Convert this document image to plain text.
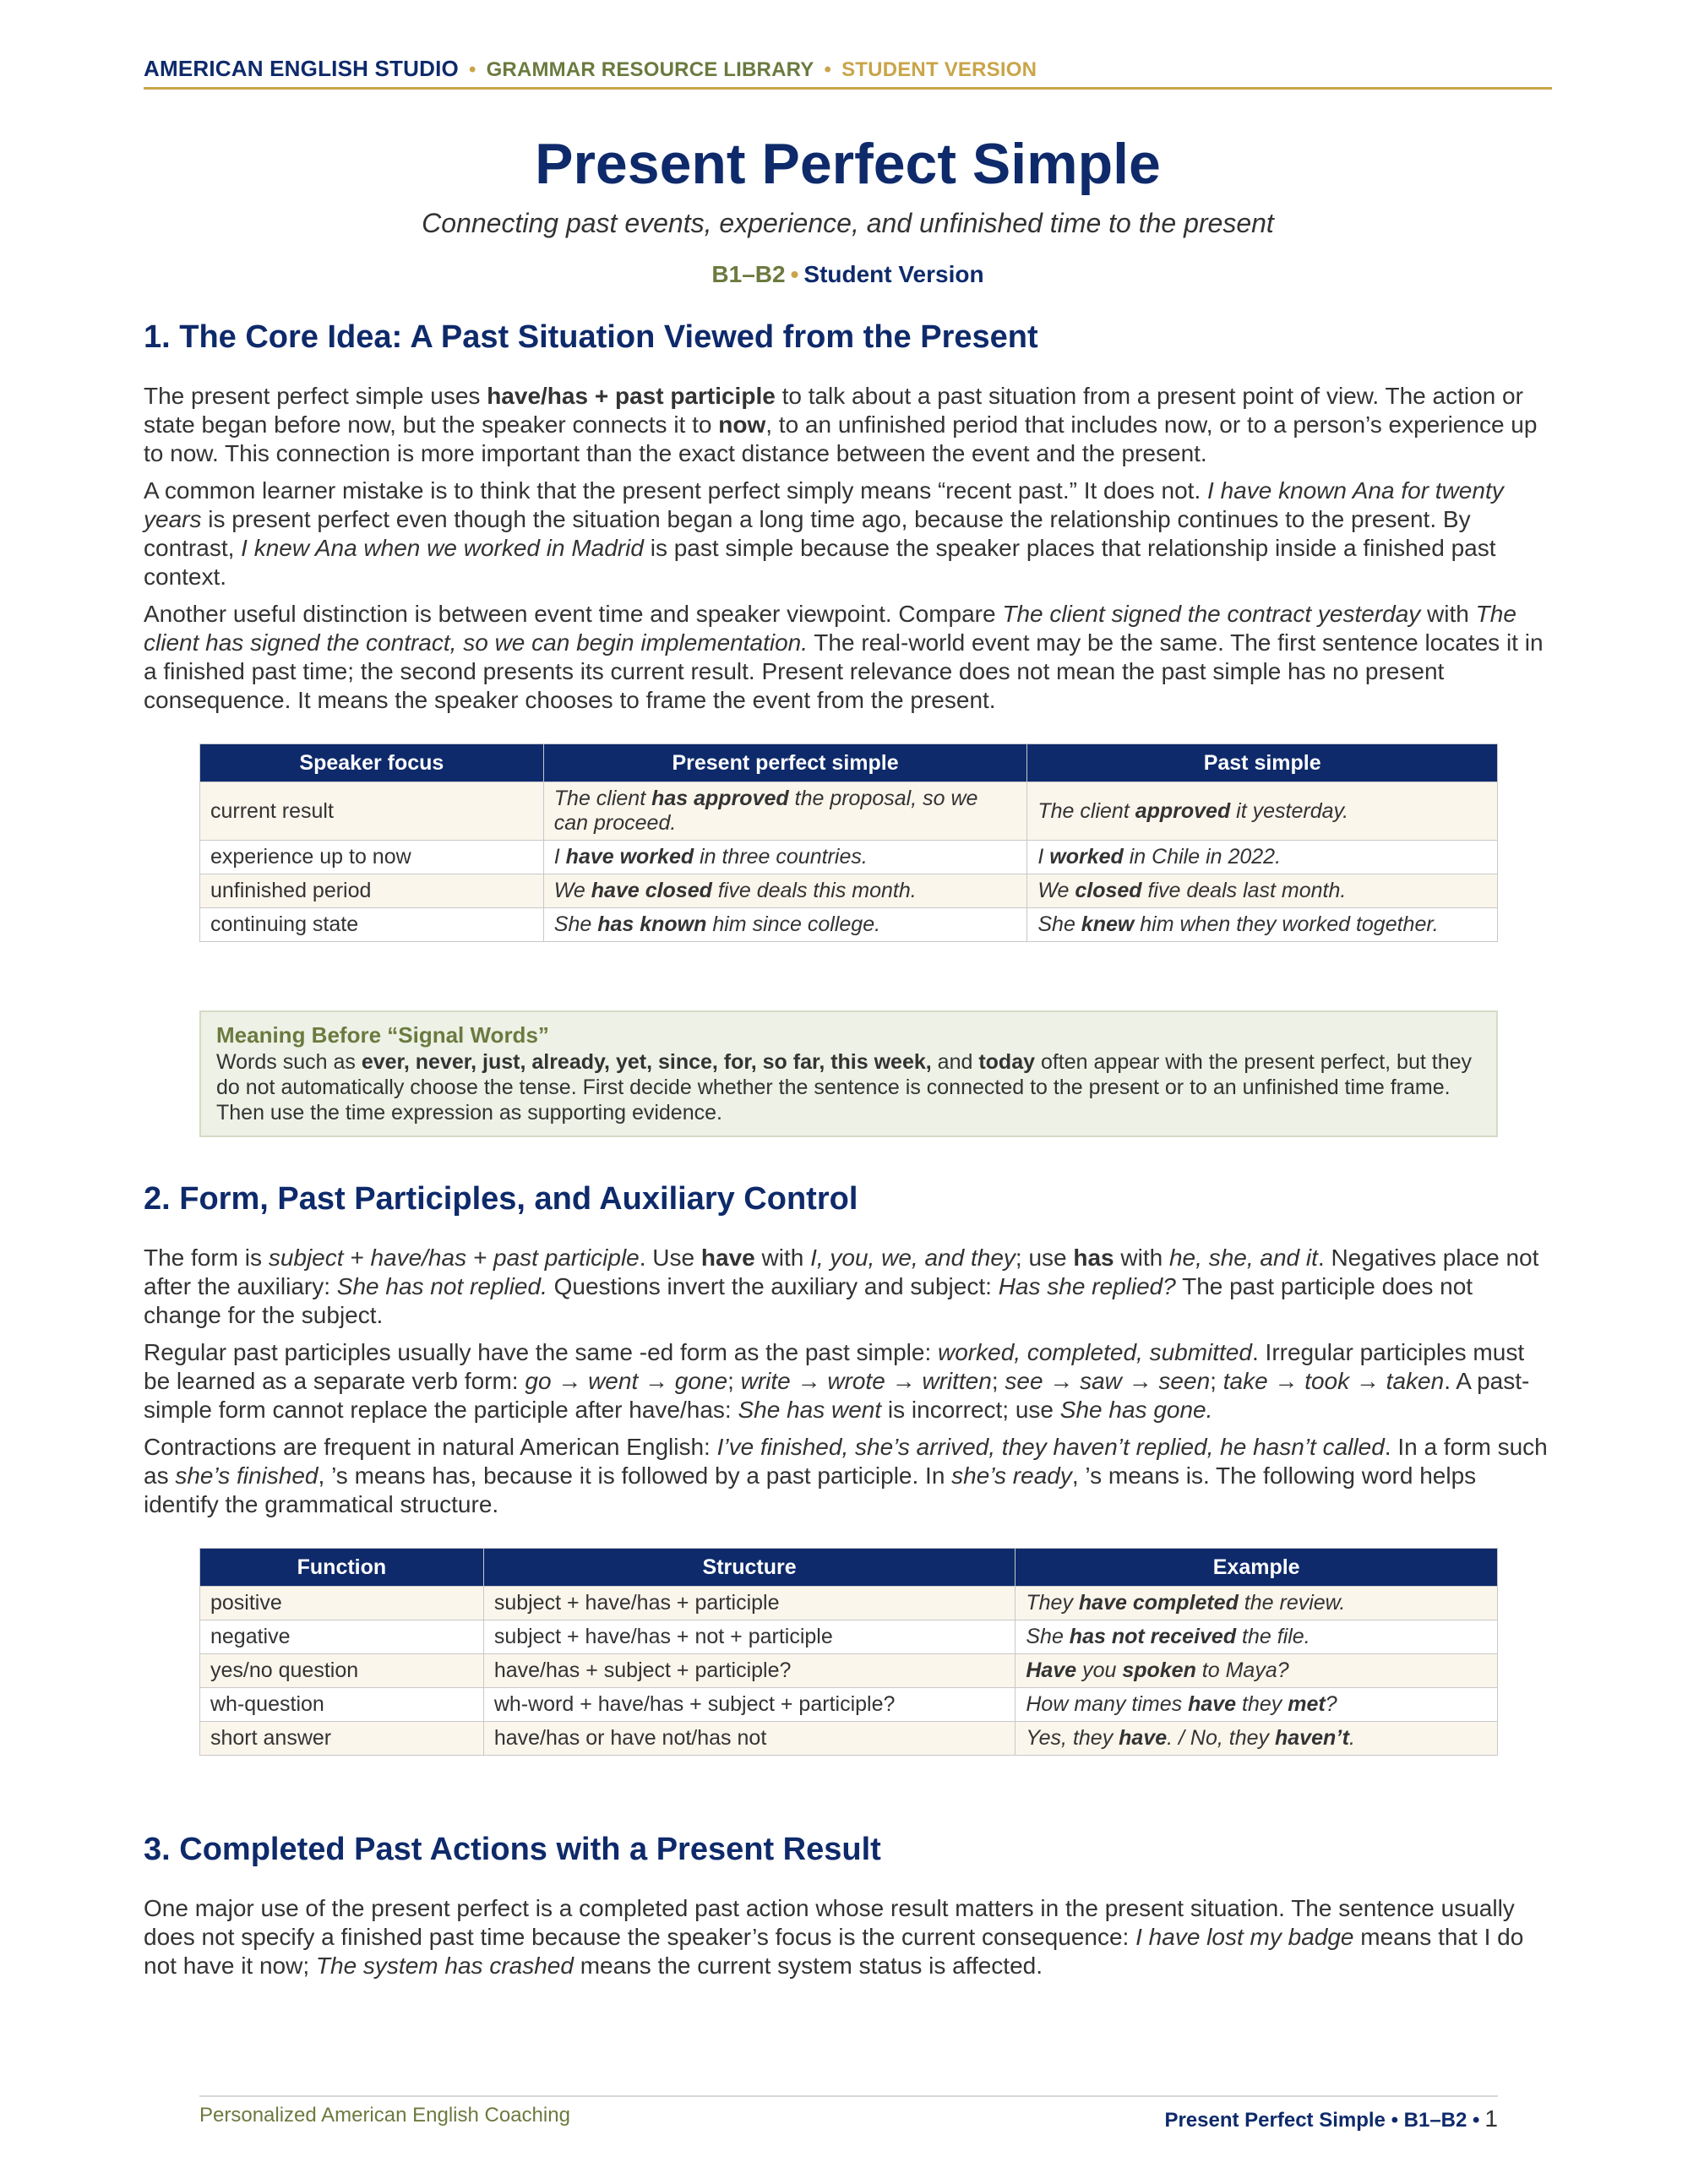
AMERICAN ENGLISH STUDIO • GRAMMAR RESOURCE LIBRARY • STUDENT VERSION
Present Perfect Simple
Connecting past events, experience, and unfinished time to the present
B1–B2 • Student Version
1. The Core Idea: A Past Situation Viewed from the Present

The present perfect simple uses have/has + past participle to talk about a past situation from a present point of view. The action or state began before now, but the speaker connects it to now, to an unfinished period that includes now, or to a person’s experience up to now. This connection is more important than the exact distance between the event and the present.

A common learner mistake is to think that the present perfect simply means “recent past.” It does not. I have known Ana for twenty years is present perfect even though the situation began a long time ago, because the relationship continues to the present. By contrast, I knew Ana when we worked in Madrid is past simple because the speaker places that relationship inside a finished past context.

Another useful distinction is between event time and speaker viewpoint. Compare The client signed the contract yesterday with The client has signed the contract, so we can begin implementation. The real-world event may be the same. The first sentence locates it in a finished past time; the second presents its current result. Present relevance does not mean the past simple has no present consequence. It means the speaker chooses to frame the event from the present.

Speaker focus	Present perfect simple	Past simple
current result	The client has approved the proposal, so we can proceed.	The client approved it yesterday.
experience up to now	I have worked in three countries.	I worked in Chile in 2022.
unfinished period	We have closed five deals this month.	We closed five deals last month.
continuing state	She has known him since college.	She knew him when they worked together.
Meaning Before “Signal Words”
Words such as ever, never, just, already, yet, since, for, so far, this week, and today often appear with the present perfect, but they do not automatically choose the tense. First decide whether the sentence is connected to the present or to an unfinished time frame. Then use the time expression as supporting evidence.
2. Form, Past Participles, and Auxiliary Control

The form is subject + have/has + past participle. Use have with I, you, we, and they; use has with he, she, and it. Negatives place not after the auxiliary: She has not replied. Questions invert the auxiliary and subject: Has she replied? The past participle does not change for the subject.

Regular past participles usually have the same -ed form as the past simple: worked, completed, submitted. Irregular participles must be learned as a separate verb form: go → went → gone; write → wrote → written; see → saw → seen; take → took → taken. A past-simple form cannot replace the participle after have/has: She has went is incorrect; use She has gone.

Contractions are frequent in natural American English: I’ve finished, she’s arrived, they haven’t replied, he hasn’t called. In a form such as she’s finished, ’s means has, because it is followed by a past participle. In she’s ready, ’s means is. The following word helps identify the grammatical structure.

Function	Structure	Example
positive	subject + have/has + participle	They have completed the review.
negative	subject + have/has + not + participle	She has not received the file.
yes/no question	have/has + subject + participle?	Have you spoken to Maya?
wh-question	wh-word + have/has + subject + participle?	How many times have they met?
short answer	have/has or have not/has not	Yes, they have. / No, they haven’t.
3. Completed Past Actions with a Present Result

One major use of the present perfect is a completed past action whose result matters in the present situation. The sentence usually does not specify a finished past time because the speaker’s focus is the current consequence: I have lost my badge means that I do not have it now; The system has crashed means the current system status is affected.

Personalized American English Coaching	Present Perfect Simple • B1–B2 • 1
